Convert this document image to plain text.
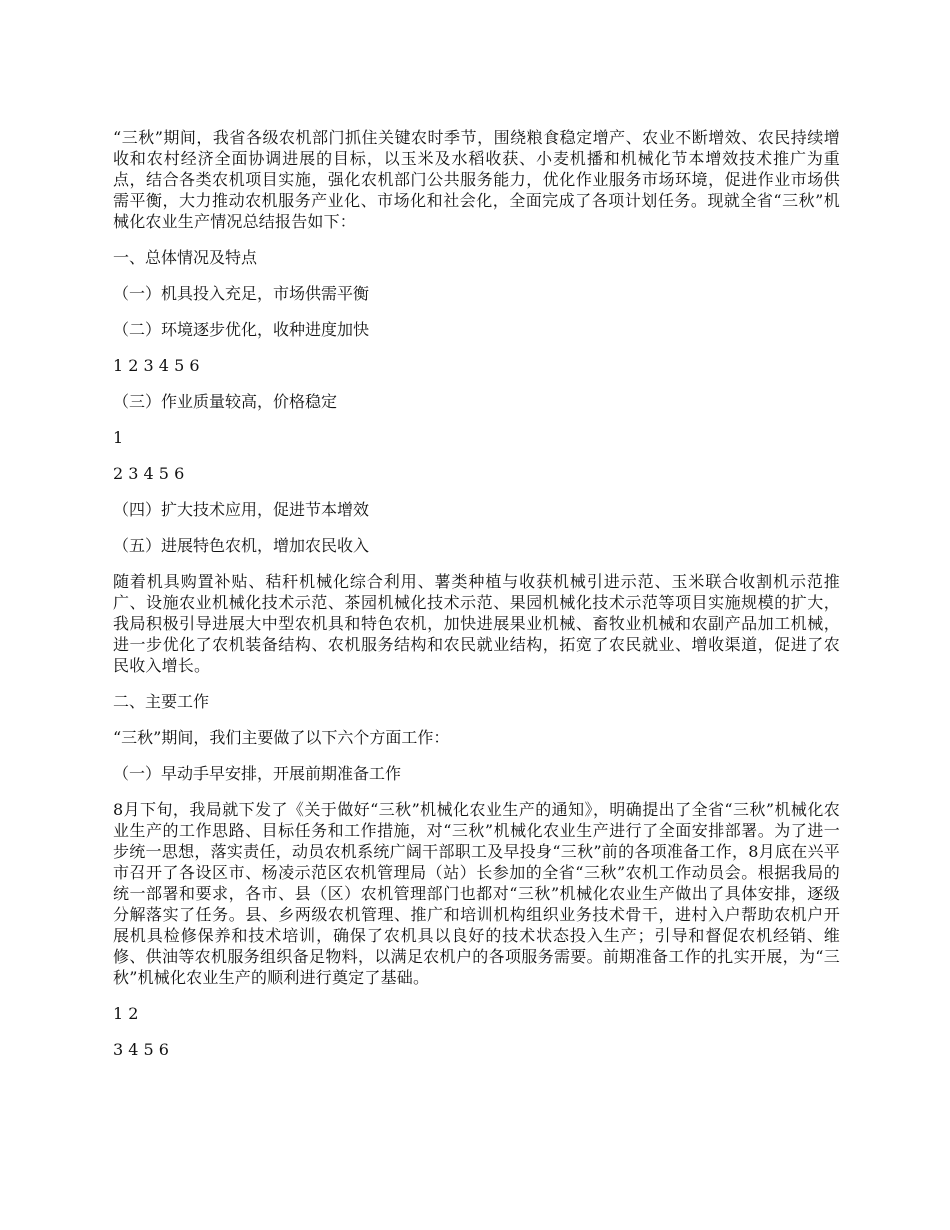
“三秋”期间，我省各级农机部门抓住关键农时季节，围绕粮食稳定增产、农业不断增效、农民持续增收和农村经济全面协调进展的目标，以玉米及水稻收获、小麦机播和机械化节本增效技术推广为重点，结合各类农机项目实施，强化农机部门公共服务能力，优化作业服务市场环境，促进作业市场供需平衡，大力推动农机服务产业化、市场化和社会化，全面完成了各项计划任务。现就全省“三秋”机械化农业生产情况总结报告如下：

一、总体情况及特点

（一）机具投入充足，市场供需平衡

（二）环境逐步优化，收种进度加快

1 2 3 4 5 6

（三）作业质量较高，价格稳定

1

2 3 4 5 6

（四）扩大技术应用，促进节本增效

（五）进展特色农机，增加农民收入

随着机具购置补贴、秸秆机械化综合利用、薯类种植与收获机械引进示范、玉米联合收割机示范推广、设施农业机械化技术示范、茶园机械化技术示范、果园机械化技术示范等项目实施规模的扩大，我局积极引导进展大中型农机具和特色农机，加快进展果业机械、畜牧业机械和农副产品加工机械，进一步优化了农机装备结构、农机服务结构和农民就业结构，拓宽了农民就业、增收渠道，促进了农民收入增长。

二、主要工作

“三秋”期间，我们主要做了以下六个方面工作：

（一）早动手早安排，开展前期准备工作

8月下旬，我局就下发了《关于做好“三秋”机械化农业生产的通知》，明确提出了全省“三秋”机械化农业生产的工作思路、目标任务和工作措施，对“三秋”机械化农业生产进行了全面安排部署。为了进一步统一思想，落实责任，动员农机系统广阔干部职工及早投身“三秋”前的各项准备工作，8月底在兴平市召开了各设区市、杨凌示范区农机管理局（站）长参加的全省“三秋”农机工作动员会。根据我局的统一部署和要求，各市、县（区）农机管理部门也都对“三秋”机械化农业生产做出了具体安排，逐级分解落实了任务。县、乡两级农机管理、推广和培训机构组织业务技术骨干，进村入户帮助农机户开展机具检修保养和技术培训，确保了农机具以良好的技术状态投入生产；引导和督促农机经销、维修、供油等农机服务组织备足物料，以满足农机户的各项服务需要。前期准备工作的扎实开展，为“三秋”机械化农业生产的顺利进行奠定了基础。

1 2

3 4 5 6
